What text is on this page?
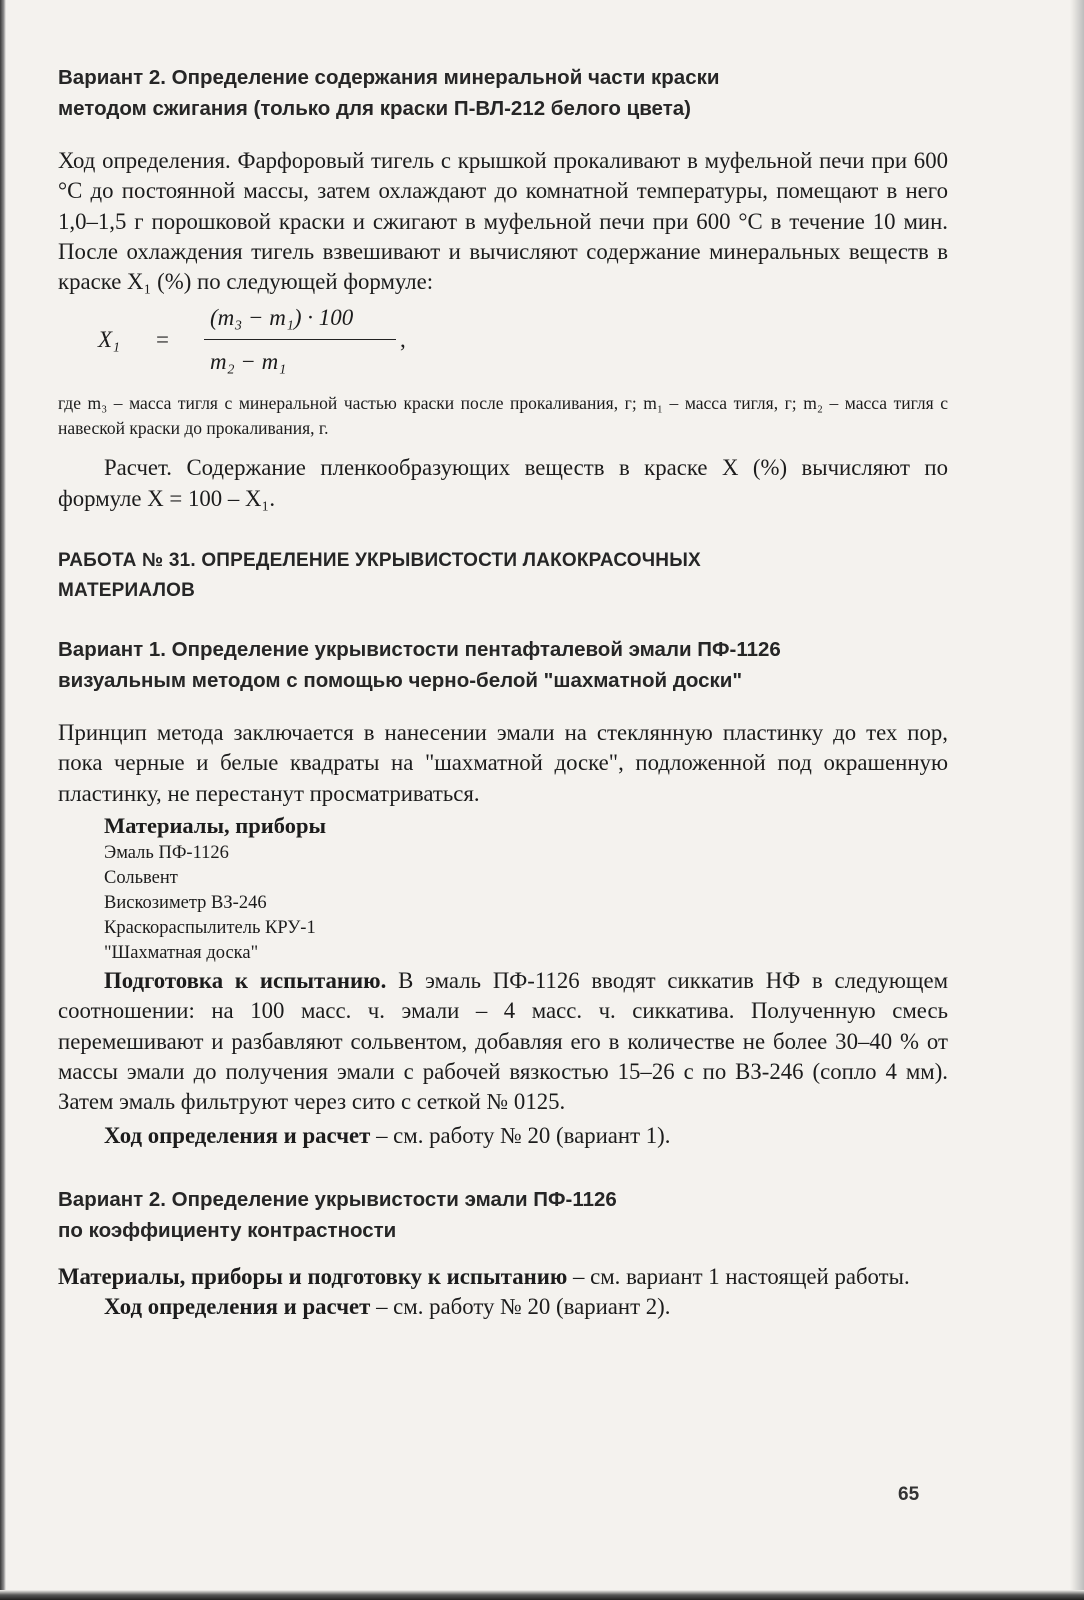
Вариант 2. Определение содержания минеральной части краски
методом сжигания (только для краски П-ВЛ-212 белого цвета)

Ход определения. Фарфоровый тигель с крышкой прокаливают в муфельной печи при 600 °С до постоянной массы, затем охлаждают до комнатной температуры, помещают в него 1,0–1,5 г порошковой краски и сжигают в муфельной печи при 600 °С в течение 10 мин. После охлаждения тигель взвешивают и вычисляют содержание минеральных веществ в краске X₁ (%) по следующей формуле:

X₁ =
(m₃ − m₁) · 100
m₂ − m₁
,

где m₃ – масса тигля с минеральной частью краски после прокаливания, г; m₁ – масса тигля, г; m₂ – масса тигля с навеской краски до прокаливания, г.

Расчет. Содержание пленкообразующих веществ в краске X (%) вычисляют по формуле X = 100 – X₁.

РАБОТА № 31. ОПРЕДЕЛЕНИЕ УКРЫВИСТОСТИ ЛАКОКРАСОЧНЫХ
МАТЕРИАЛОВ

Вариант 1. Определение укрывистости пентафталевой эмали ПФ-1126
визуальным методом с помощью черно-белой "шахматной доски"

Принцип метода заключается в нанесении эмали на стеклянную пластинку до тех пор, пока черные и белые квадраты на "шахматной доске", подложенной под окрашенную пластинку, не перестанут просматриваться.

Материалы, приборы

Эмаль ПФ-1126
Сольвент
Вискозиметр ВЗ-246
Краскораспылитель КРУ-1
"Шахматная доска"

Подготовка к испытанию. В эмаль ПФ-1126 вводят сиккатив НФ в следующем соотношении: на 100 масс. ч. эмали – 4 масс. ч. сиккатива. Полученную смесь перемешивают и разбавляют сольвентом, добавляя его в количестве не более 30–40 % от массы эмали до получения эмали с рабочей вязкостью 15–26 с по ВЗ-246 (сопло 4 мм). Затем эмаль фильтруют через сито с сеткой № 0125.

Ход определения и расчет – см. работу № 20 (вариант 1).

Вариант 2. Определение укрывистости эмали ПФ-1126
по коэффициенту контрастности

Материалы, приборы и подготовку к испытанию – см. вариант 1 настоящей работы.

Ход определения и расчет – см. работу № 20 (вариант 2).

65
